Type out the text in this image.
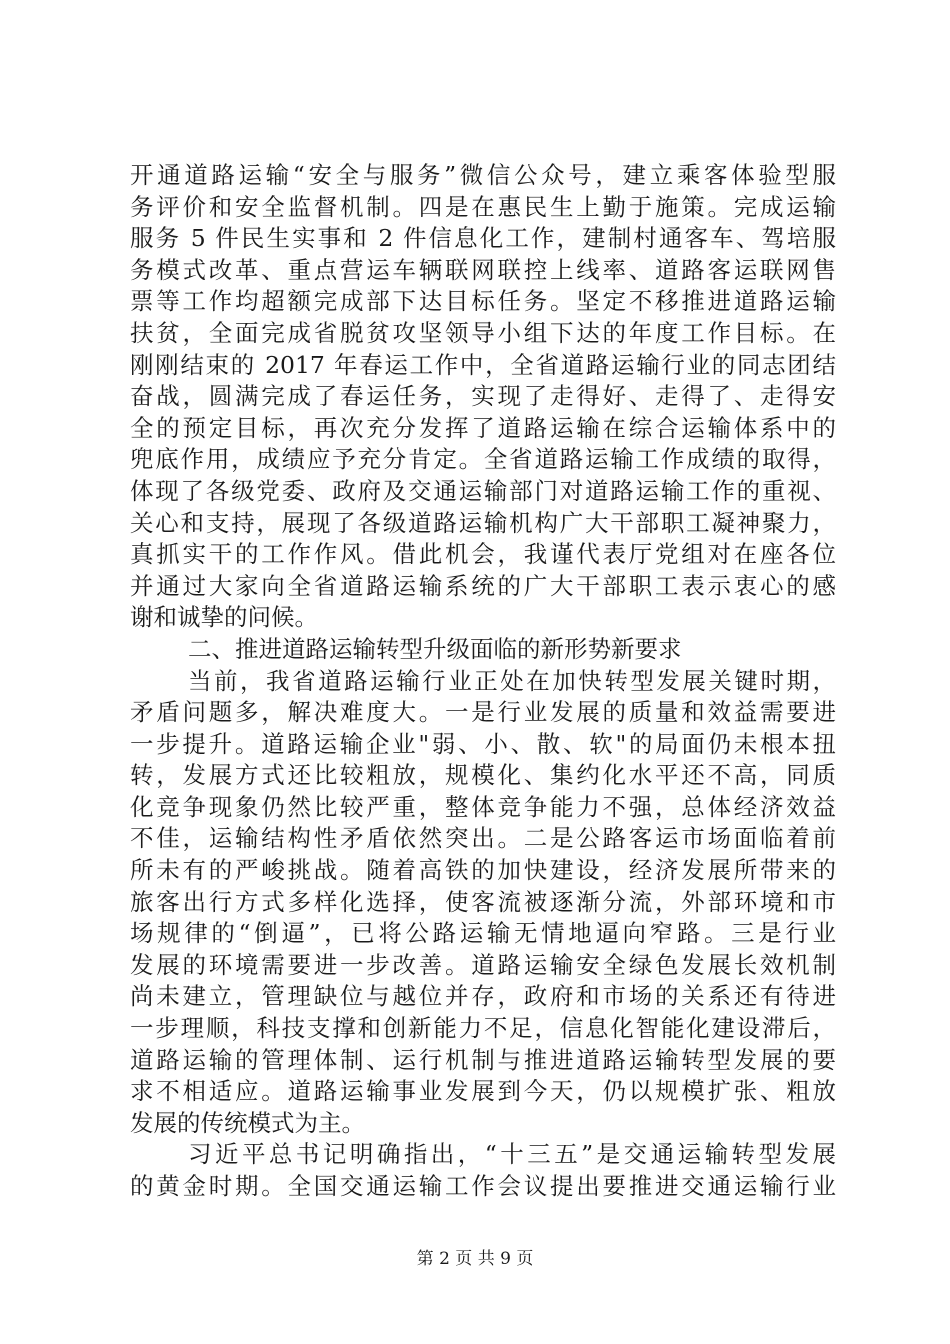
开通道路运输“安全与服务”微信公众号，建立乘客体验型服
务评价和安全监督机制。四是在惠民生上勤于施策。完成运输
服务 5 件民生实事和 2 件信息化工作，建制村通客车、驾培服
务模式改革、重点营运车辆联网联控上线率、道路客运联网售
票等工作均超额完成部下达目标任务。坚定不移推进道路运输
扶贫，全面完成省脱贫攻坚领导小组下达的年度工作目标。在
刚刚结束的 2017 年春运工作中，全省道路运输行业的同志团结
奋战，圆满完成了春运任务，实现了走得好、走得了、走得安
全的预定目标，再次充分发挥了道路运输在综合运输体系中的
兜底作用，成绩应予充分肯定。全省道路运输工作成绩的取得，
体现了各级党委、政府及交通运输部门对道路运输工作的重视、
关心和支持，展现了各级道路运输机构广大干部职工凝神聚力，
真抓实干的工作作风。借此机会，我谨代表厅党组对在座各位
并通过大家向全省道路运输系统的广大干部职工表示衷心的感
谢和诚挚的问候。
二、推进道路运输转型升级面临的新形势新要求
当前，我省道路运输行业正处在加快转型发展关键时期，
矛盾问题多，解决难度大。一是行业发展的质量和效益需要进
一步提升。道路运输企业"弱、小、散、软"的局面仍未根本扭
转，发展方式还比较粗放，规模化、集约化水平还不高，同质
化竞争现象仍然比较严重，整体竞争能力不强，总体经济效益
不佳，运输结构性矛盾依然突出。二是公路客运市场面临着前
所未有的严峻挑战。随着高铁的加快建设，经济发展所带来的
旅客出行方式多样化选择，使客流被逐渐分流，外部环境和市
场规律的“倒逼”，已将公路运输无情地逼向窄路。三是行业
发展的环境需要进一步改善。道路运输安全绿色发展长效机制
尚未建立，管理缺位与越位并存，政府和市场的关系还有待进
一步理顺，科技支撑和创新能力不足，信息化智能化建设滞后，
道路运输的管理体制、运行机制与推进道路运输转型发展的要
求不相适应。道路运输事业发展到今天，仍以规模扩张、粗放
发展的传统模式为主。
习近平总书记明确指出，“十三五”是交通运输转型发展
的黄金时期。全国交通运输工作会议提出要推进交通运输行业
第 2 页 共 9 页
